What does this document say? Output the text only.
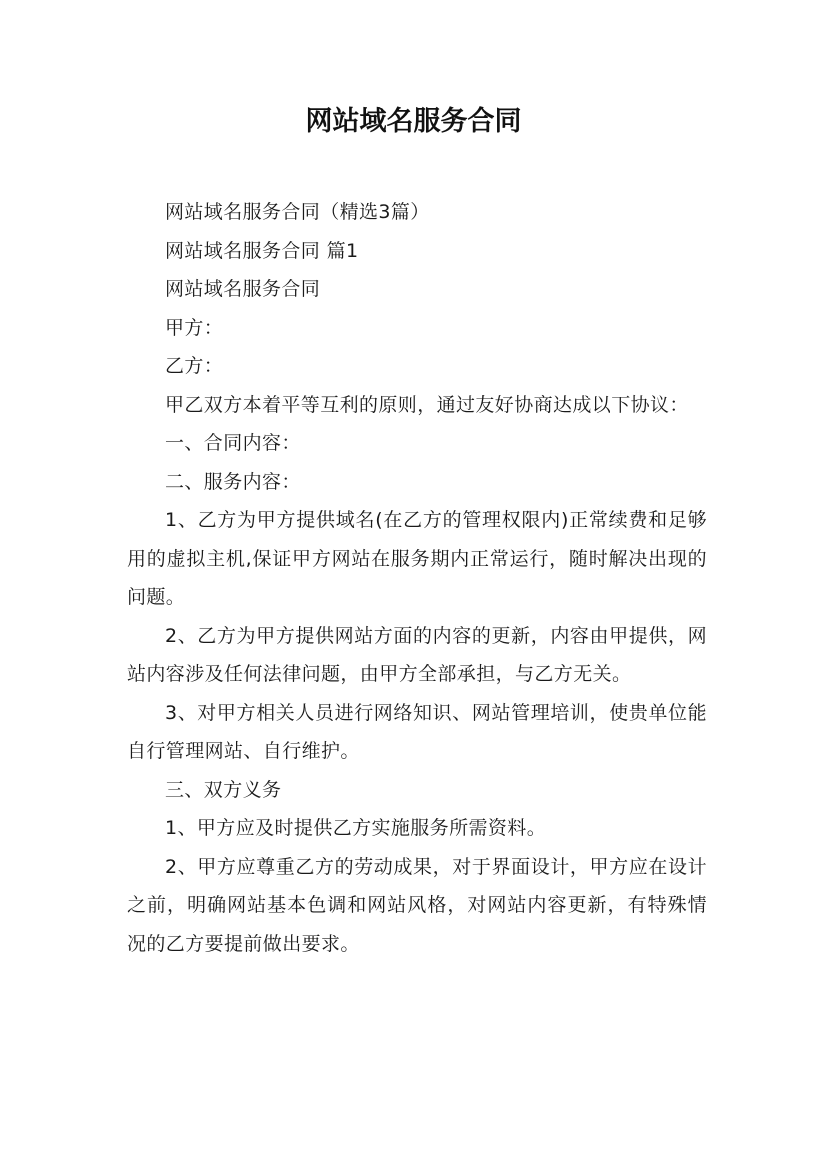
网站域名服务合同

网站域名服务合同（精选3篇）

网站域名服务合同 篇1

网站域名服务合同

甲方：

乙方：

甲乙双方本着平等互利的原则，通过友好协商达成以下协议：

一、合同内容：

二、服务内容：

1、乙方为甲方提供域名(在乙方的管理权限内)正常续费和足够用的虚拟主机,保证甲方网站在服务期内正常运行，随时解决出现的问题。

2、乙方为甲方提供网站方面的内容的更新，内容由甲提供，网站内容涉及任何法律问题，由甲方全部承担，与乙方无关。

3、对甲方相关人员进行网络知识、网站管理培训，使贵单位能自行管理网站、自行维护。

三、双方义务

1、甲方应及时提供乙方实施服务所需资料。

2、甲方应尊重乙方的劳动成果，对于界面设计，甲方应在设计之前，明确网站基本色调和网站风格，对网站内容更新，有特殊情况的乙方要提前做出要求。
